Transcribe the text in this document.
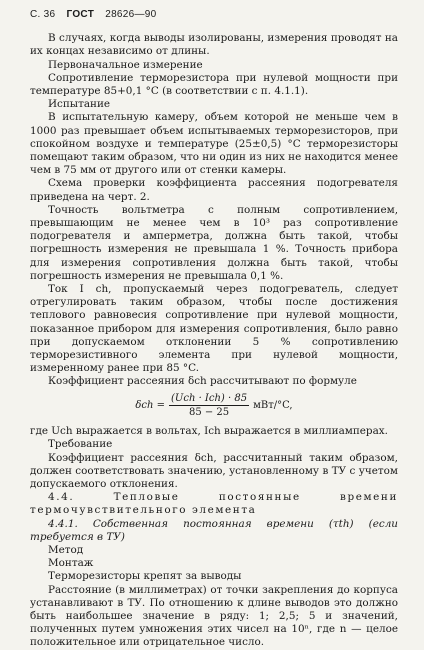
С. 36 ГОСТ 28626—90

В случаях, когда выводы изолированы, измерения проводят на их концах независимо от длины.

Первоначальное измерение

Сопротивление терморезистора при нулевой мощности при температуре 85+0,1 °C (в соответствии с п. 4.1.1).

Испытание

В испытательную камеру, объем которой не меньше чем в 1000 раз превышает объем испытываемых терморезисторов, при спокойном воздухе и температуре (25±0,5) °C терморезисторы помещают таким образом, что ни один из них не находится менее чем в 75 мм от другого или от стенки камеры.

Схема проверки коэффициента рассеяния подогревателя приведена на черт. 2.

Точность вольтметра с полным сопротивлением, превышающим не менее чем в 10³ раз сопротивление подогревателя и амперметра, должна быть такой, чтобы погрешность измерения не превышала 1 %. Точность прибора для измерения сопротивления должна быть такой, чтобы погрешность измерения не превышала 0,1 %.

Ток I ch, пропускаемый через подогреватель, следует отрегулировать таким образом, чтобы после достижения теплового равновесия сопротивление при нулевой мощности, показанное прибором для измерения сопротивления, было равно при допускаемом отклонении 5 % сопротивлению терморезистивного элемента при нулевой мощности, измеренному ранее при 85 °C.

Коэффициент рассеяния δch рассчитывают по формуле

$\delta ch = \frac{\text{(Uch · Ich) · 85}}{85 - 25} мВт/^\circ C$,

где Uch выражается в вольтах, Ich выражается в миллиамперах.

Требование

Коэффициент рассеяния δch, рассчитанный таким образом, должен соответствовать значению, установленному в ТУ с учетом допускаемого отклонения.

4.4. Тепловые постоянные времени термочувствительного элемента

4.4.1. Собственная постоянная времени (τth) (если требуется в ТУ)

Метод

Монтаж

Терморезисторы крепят за выводы

Расстояние (в миллиметрах) от точки закрепления до корпуса устанавливают в ТУ. По отношению к длине выводов это должно быть наибольшее значение в ряду: 1; 2,5; 5 и значений, полученных путем умножения этих чисел на 10ⁿ, где n — целое положительное или отрицательное число.
